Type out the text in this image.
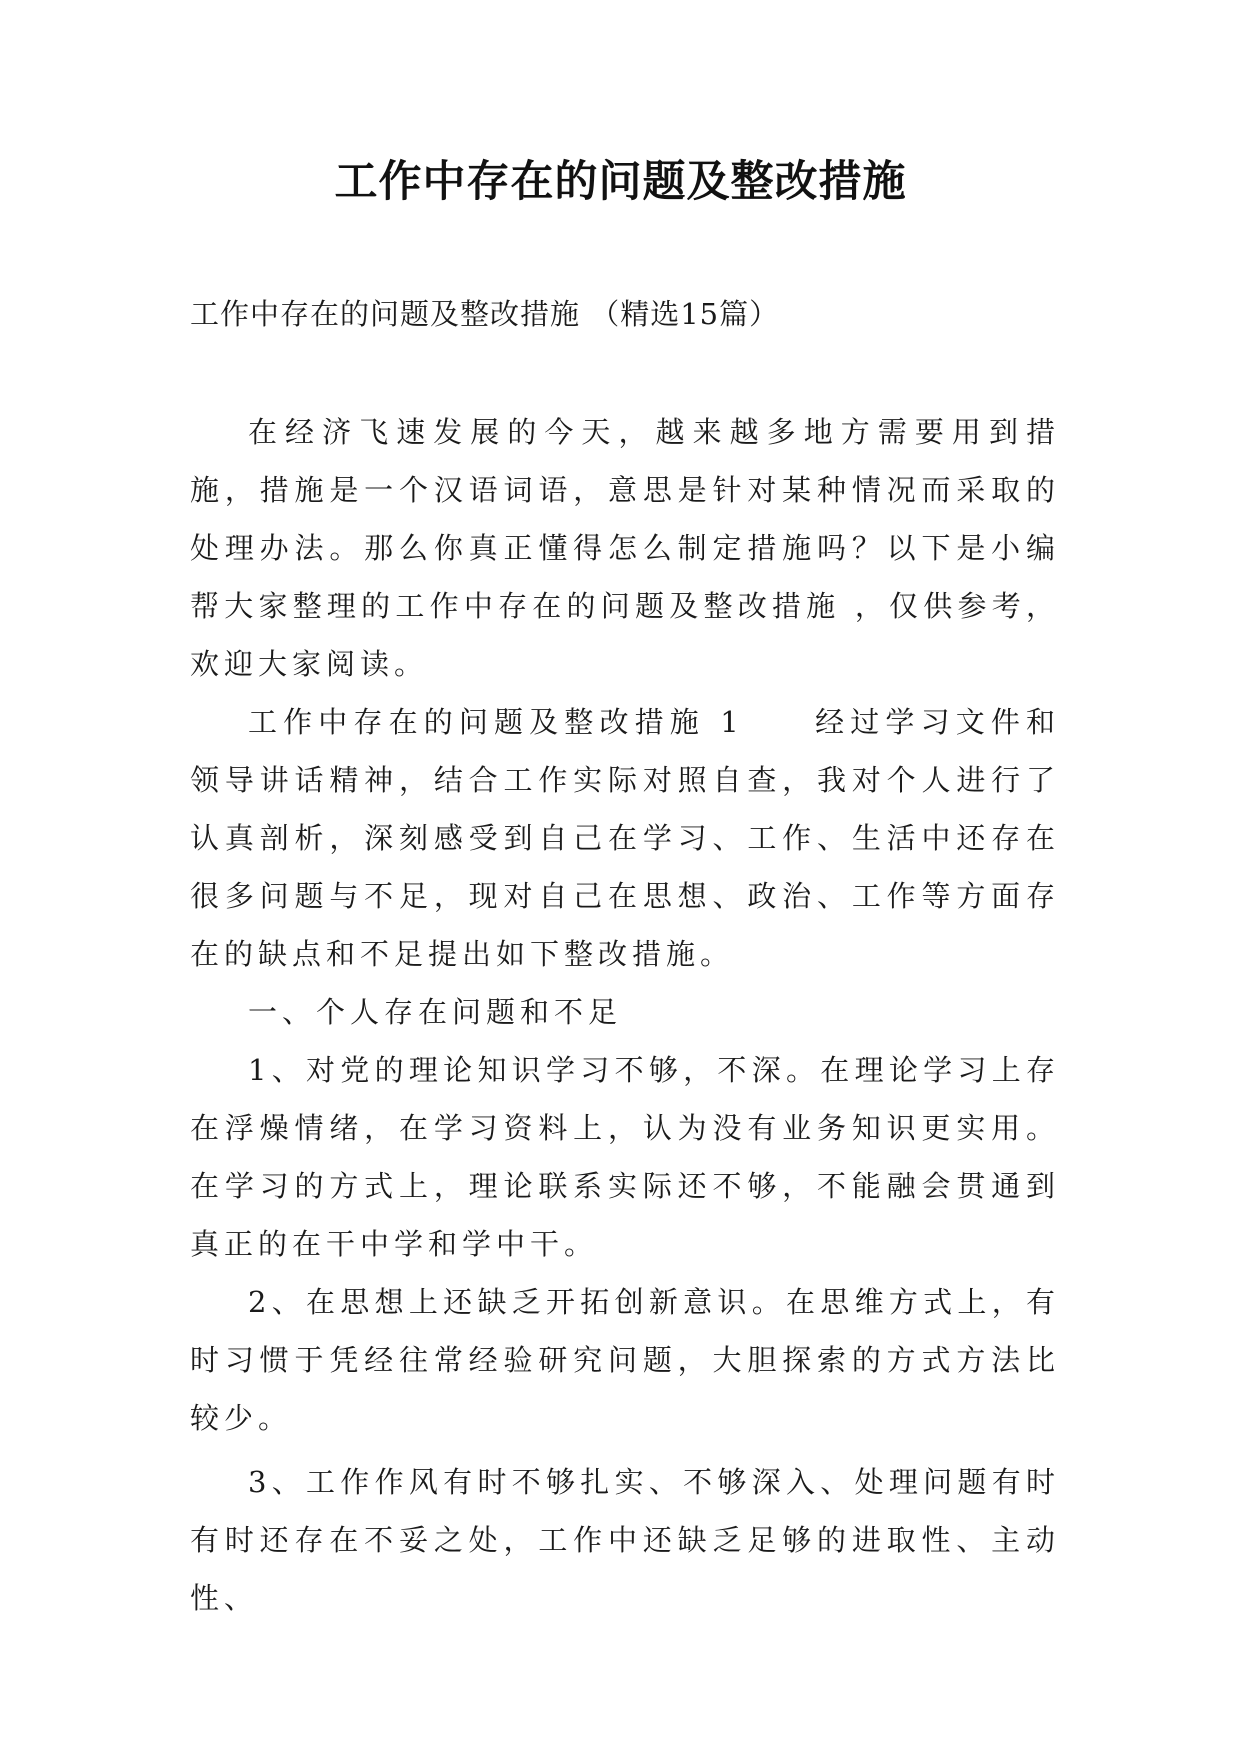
工作中存在的问题及整改措施
工作中存在的问题及整改措施 （精选15篇）

在经济飞速发展的今天，越来越多地方需要用到措施，措施是一个汉语词语，意思是针对某种情况而采取的处理办法。那么你真正懂得怎么制定措施吗？以下是小编帮大家整理的工作中存在的问题及整改措施 ，仅供参考，欢迎大家阅读。

工作中存在的问题及整改措施 1　　经过学习文件和领导讲话精神，结合工作实际对照自查，我对个人进行了认真剖析，深刻感受到自己在学习、工作、生活中还存在很多问题与不足，现对自己在思想、政治、工作等方面存在的缺点和不足提出如下整改措施。

一、个人存在问题和不足

1、对党的理论知识学习不够，不深。在理论学习上存在浮燥情绪，在学习资料上，认为没有业务知识更实用。在学习的方式上，理论联系实际还不够，不能融会贯通到真正的在干中学和学中干。

2、在思想上还缺乏开拓创新意识。在思维方式上，有时习惯于凭经往常经验研究问题，大胆探索的方式方法比较少。

3、工作作风有时不够扎实、不够深入、处理问题有时有时还存在不妥之处，工作中还缺乏足够的进取性、主动性、
